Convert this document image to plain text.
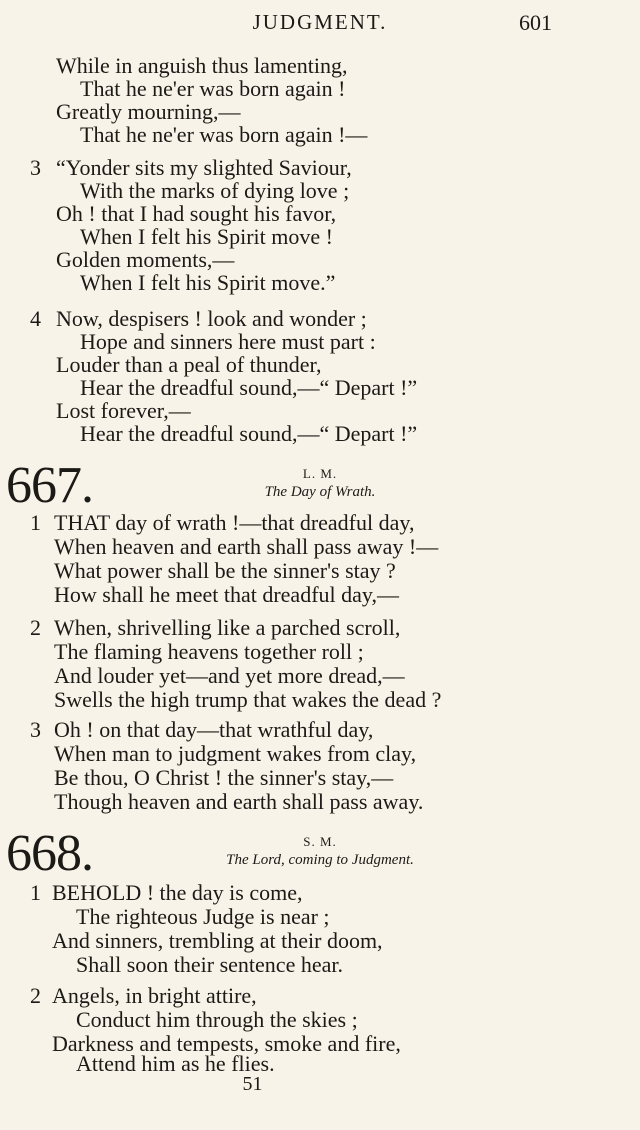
JUDGMENT.	601
While in anguish thus lamenting,
That he ne'er was born again !
Greatly mourning,—
That he ne'er was born again !—
3 “Yonder sits my slighted Saviour,
With the marks of dying love ;
Oh ! that I had sought his favor,
When I felt his Spirit move !
Golden moments,—
When I felt his Spirit move.”
4 Now, despisers ! look and wonder ;
Hope and sinners here must part :
Louder than a peal of thunder,
Hear the dreadful sound,—“ Depart !”
Lost forever,—
Hear the dreadful sound,—“ Depart !”
667.	L. M.
The Day of Wrath.
1 THAT day of wrath !—that dreadful day,
When heaven and earth shall pass away !—
What power shall be the sinner's stay ?
How shall he meet that dreadful day,—
2 When, shrivelling like a parched scroll,
The flaming heavens together roll ;
And louder yet—and yet more dread,—
Swells the high trump that wakes the dead ?
3 Oh ! on that day—that wrathful day,
When man to judgment wakes from clay,
Be thou, O Christ ! the sinner's stay,—
Though heaven and earth shall pass away.
668.	S. M.
The Lord, coming to Judgment.
1 BEHOLD ! the day is come,
The righteous Judge is near ;
And sinners, trembling at their doom,
Shall soon their sentence hear.
2 Angels, in bright attire,
Conduct him through the skies ;
Darkness and tempests, smoke and fire,
Attend him as he flies.
51
